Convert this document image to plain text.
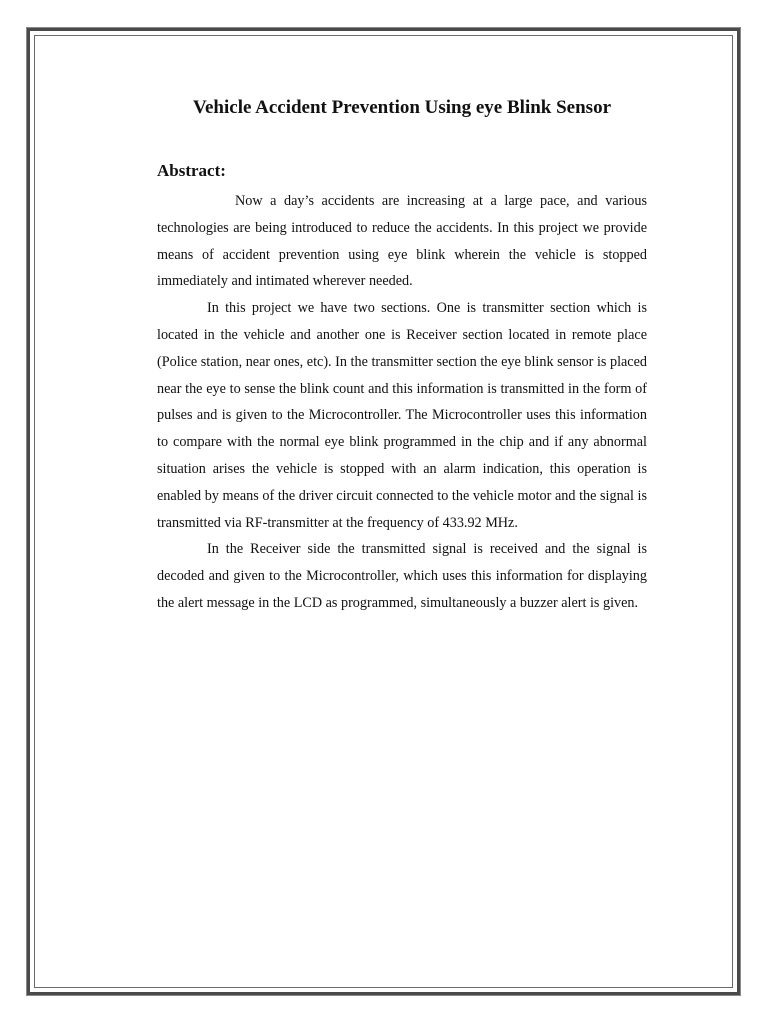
Vehicle Accident Prevention Using eye Blink Sensor
Abstract:

Now a day’s accidents are increasing at a large pace, and various technologies are being introduced to reduce the accidents. In this project we provide means of accident prevention using eye blink wherein the vehicle is stopped immediately and intimated wherever needed.

In this project we have two sections. One is transmitter section which is located in the vehicle and another one is Receiver section located in remote place (Police station, near ones, etc). In the transmitter section the eye blink sensor is placed near the eye to sense the blink count and this information is transmitted in the form of pulses and is given to the Microcontroller. The Microcontroller uses this information to compare with the normal eye blink programmed in the chip and if any abnormal situation arises the vehicle is stopped with an alarm indication, this operation is enabled by means of the driver circuit connected to the vehicle motor and the signal is transmitted via RF-transmitter at the frequency of 433.92 MHz.

In the Receiver side the transmitted signal is received and the signal is decoded and given to the Microcontroller, which uses this information for displaying the alert message in the LCD as programmed, simultaneously a buzzer alert is given.
